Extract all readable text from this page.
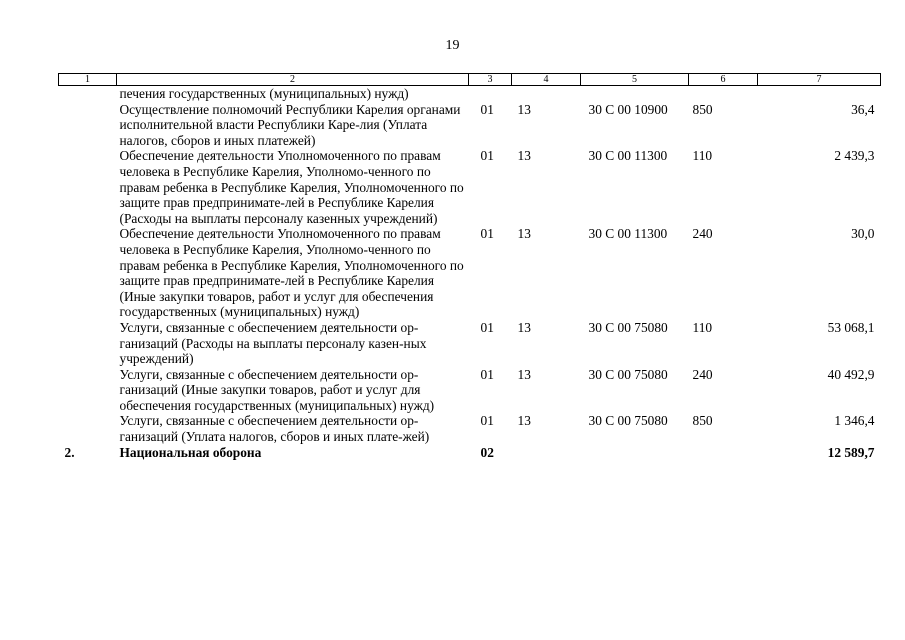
19
1	2	3	4	5	6	7
	печения государственных (муниципальных) нужд)					
	Осуществление полномочий Республики Карелия органами исполнительной власти Республики Каре-лия (Уплата налогов, сборов и иных платежей)	01	13	30 С 00 10900	850	36,4
	Обеспечение деятельности Уполномоченного по правам человека в Республике Карелия, Уполномо-ченного по правам ребенка в Республике Карелия, Уполномоченного по защите прав предпринимате-лей в Республике Карелия (Расходы на выплаты персоналу казенных учреждений)	01	13	30 С 00 11300	110	2 439,3
	Обеспечение деятельности Уполномоченного по правам человека в Республике Карелия, Уполномо-ченного по правам ребенка в Республике Карелия, Уполномоченного по защите прав предпринимате-лей в Республике Карелия (Иные закупки товаров, работ и услуг для обеспечения государственных (муниципальных) нужд)	01	13	30 С 00 11300	240	30,0
	Услуги, связанные с обеспечением деятельности ор-ганизаций (Расходы на выплаты персоналу казен-ных учреждений)	01	13	30 С 00 75080	110	53 068,1
	Услуги, связанные с обеспечением деятельности ор-ганизаций (Иные закупки товаров, работ и услуг для обеспечения государственных (муниципальных) нужд)	01	13	30 С 00 75080	240	40 492,9
	Услуги, связанные с обеспечением деятельности ор-ганизаций (Уплата налогов, сборов и иных плате-жей)	01	13	30 С 00 75080	850	1 346,4
2.	Национальная оборона	02				12 589,7
